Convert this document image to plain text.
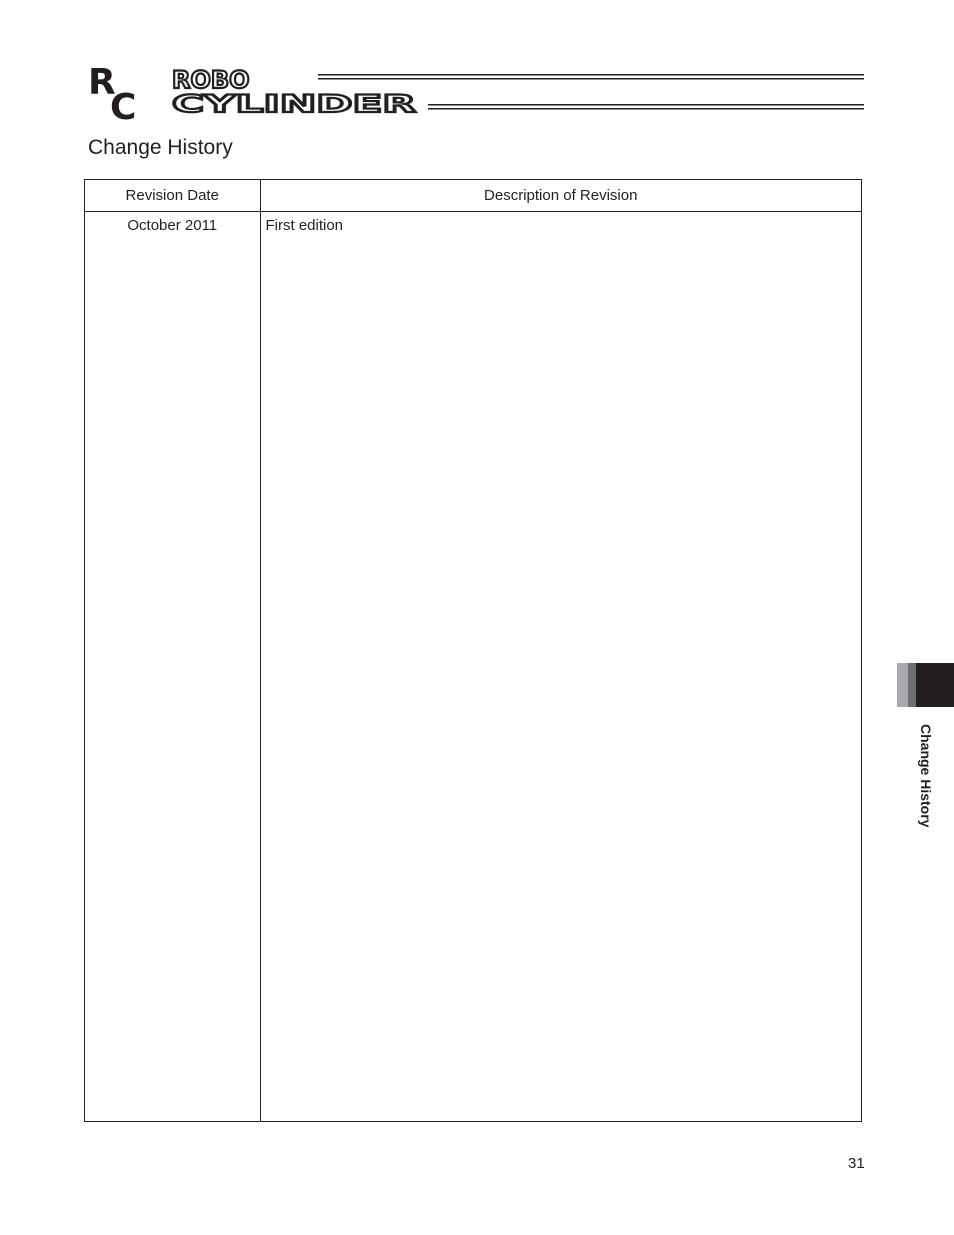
R
C
ROBO
CYLINDER
Change History
Revision Date	Description of Revision
October 2011	First edition
Change History
31
